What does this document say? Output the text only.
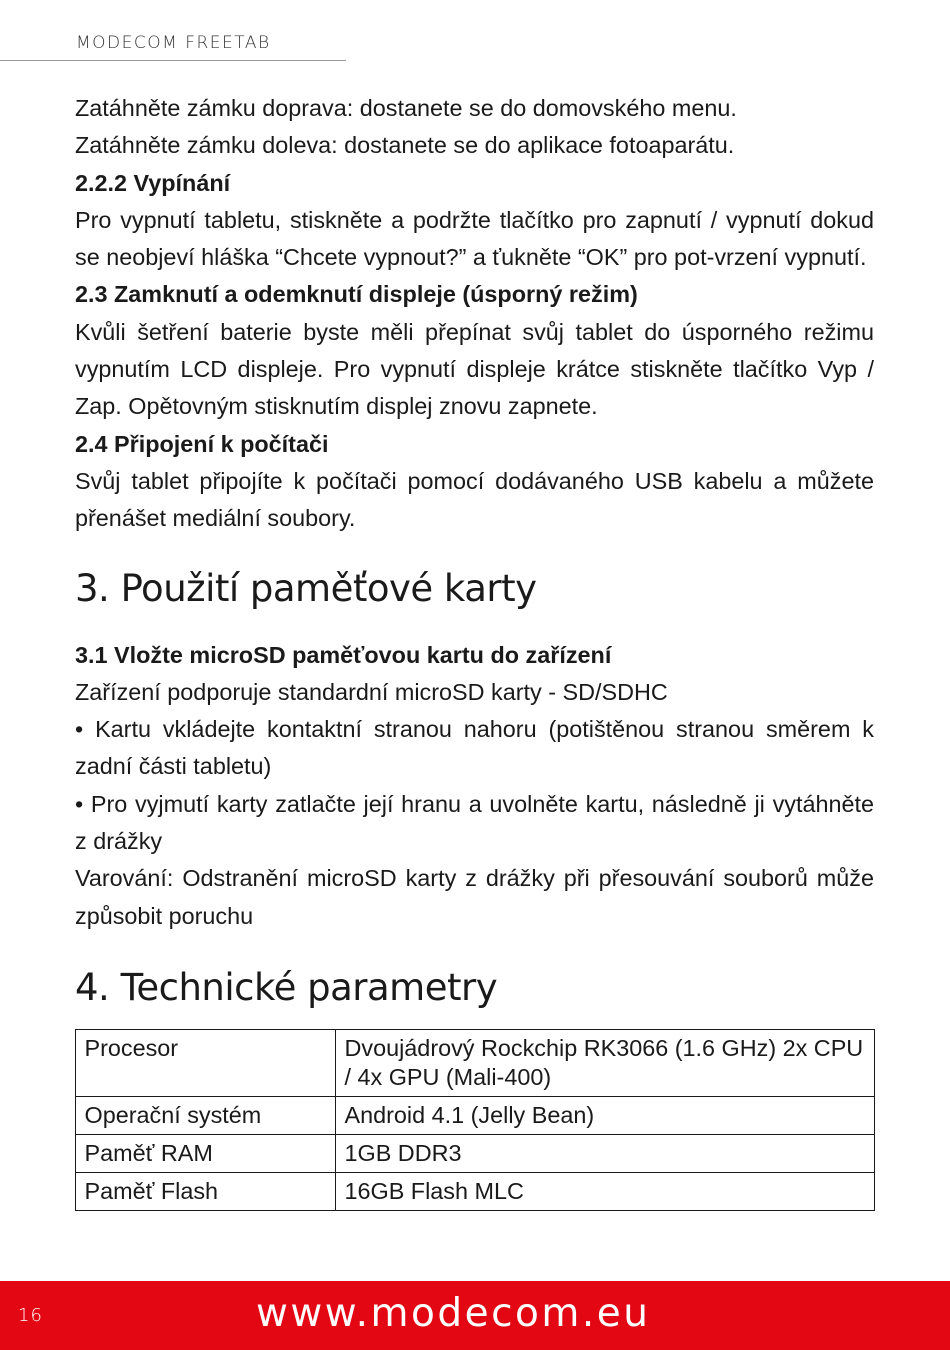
MODECOM FREETAB

Zatáhněte zámku doprava: dostanete se do domovského menu.

Zatáhněte zámku doleva: dostanete se do aplikace fotoaparátu.

2.2.2 Vypínání

Pro vypnutí tabletu, stiskněte a podržte tlačítko pro zapnutí / vypnutí dokud se neobjeví hláška “Chcete vypnout?” a ťukněte “OK” pro pot-vrzení vypnutí.

2.3 Zamknutí a odemknutí displeje (úsporný režim)

Kvůli šetření baterie byste měli přepínat svůj tablet do úsporného režimu vypnutím LCD displeje. Pro vypnutí displeje krátce stiskněte tlačítko Vyp / Zap. Opětovným stisknutím displej znovu zapnete.

2.4 Připojení k počítači

Svůj tablet připojíte k počítači pomocí dodávaného USB kabelu a můžete přenášet mediální soubory.

3. Použití paměťové karty

3.1 Vložte microSD paměťovou kartu do zařízení

Zařízení podporuje standardní microSD karty - SD/SDHC

• Kartu vkládejte kontaktní stranou nahoru (potištěnou stranou směrem k zadní části tabletu)

• Pro vyjmutí karty zatlačte její hranu a uvolněte kartu, následně ji vytáhněte z drážky

Varování: Odstranění microSD karty z drážky při přesouvání souborů může způsobit poruchu

4. Technické parametry
Procesor	Dvoujádrový Rockchip RK3066 (1.6 GHz) 2x CPU / 4x GPU (Mali-400)
Operační systém	Android 4.1 (Jelly Bean)
Paměť RAM	1GB DDR3
Paměť Flash	16GB Flash MLC
16	www.modecom.eu
